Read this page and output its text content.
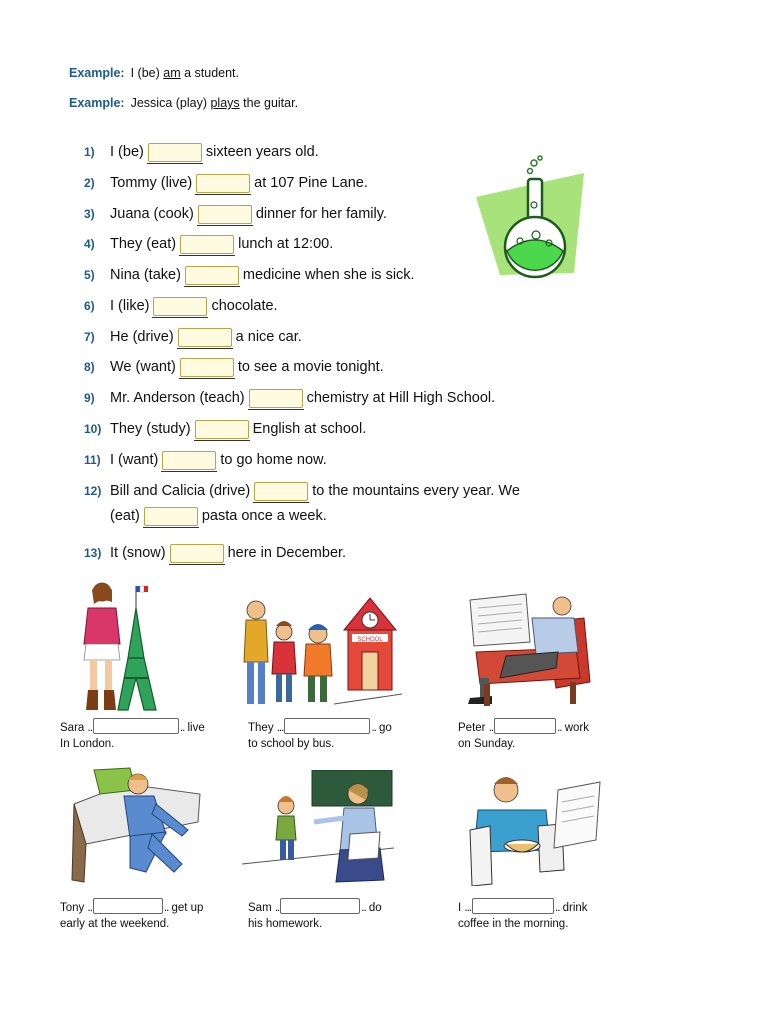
Example: I (be) am a student.
Example: Jessica (play) plays the guitar.
1) I (be)	sixteen years old.
2) Tommy (live)	at 107 Pine Lane.
3) Juana (cook)	dinner for her family.
4) They (eat)	lunch at 12:00.
5) Nina (take)	medicine when she is sick.
6) I (like)	chocolate.
7) He (drive)	a nice car.
8) We (want)	to see a movie tonight.
9) Mr. Anderson (teach)	chemistry at Hill High School.
10) They (study)	English at school.
11) I (want)	to go home now.
12) Bill and Calicia (drive)	to the mountains every year. We
(eat)	pasta once a week.
13) It (snow)	here in December.
SCHOOL
Sara ..	.. live
In London.
They ...	.. go
to school by bus.
Peter ..	.. work
on Sunday.
Tony ..	.. get up
early at the weekend.
Sam ..	.. do
his homework.
I ...	.. drink
coffee in the morning.
